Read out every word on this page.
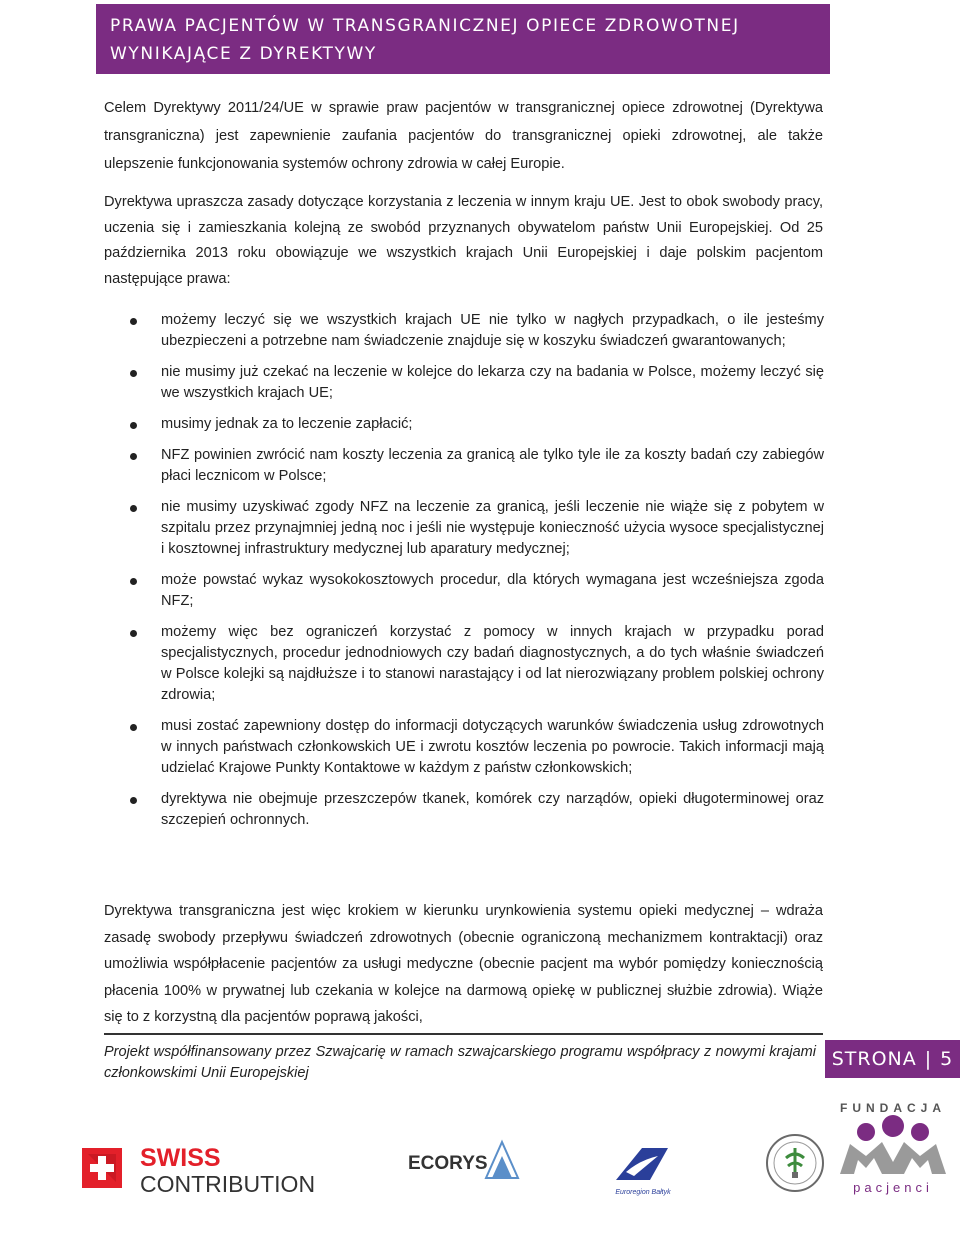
PRAWA PACJENTÓW W TRANSGRANICZNEJ OPIECE ZDROWOTNEJ
WYNIKAJĄCE Z DYREKTYWY

Celem Dyrektywy 2011/24/UE w sprawie praw pacjentów w transgranicznej opiece zdrowotnej (Dyrektywa transgraniczna) jest zapewnienie zaufania pacjentów do transgranicznej opieki zdrowotnej, ale także ulepszenie funkcjonowania systemów ochrony zdrowia w całej Europie.

Dyrektywa upraszcza zasady dotyczące korzystania z leczenia w innym kraju UE. Jest to obok swobody pracy, uczenia się i zamieszkania kolejną ze swobód przyznanych obywatelom państw Unii Europejskiej. Od 25 października 2013 roku obowiązuje we wszystkich krajach Unii Europejskiej i daje polskim pacjentom następujące prawa:

możemy leczyć się we wszystkich krajach UE nie tylko w nagłych przypadkach, o ile jesteśmy ubezpieczeni a potrzebne nam świadczenie znajduje się w koszyku świadczeń gwarantowanych;
nie musimy już czekać na leczenie w kolejce do lekarza czy na badania w Polsce, możemy leczyć się we wszystkich krajach UE;
musimy jednak za to leczenie zapłacić;
NFZ powinien zwrócić nam koszty leczenia za granicą ale tylko tyle ile za koszty badań czy zabiegów płaci lecznicom w Polsce;
nie musimy uzyskiwać zgody NFZ na leczenie za granicą, jeśli leczenie nie wiąże się z pobytem w szpitalu przez przynajmniej jedną noc i jeśli nie występuje konieczność użycia wysoce specjalistycznej i kosztownej infrastruktury medycznej lub aparatury medycznej;
może powstać wykaz wysokokosztowych procedur, dla których wymagana jest wcześniejsza zgoda NFZ;
możemy więc bez ograniczeń korzystać z pomocy w innych krajach w przypadku porad specjalistycznych, procedur jednodniowych czy badań diagnostycznych, a do tych właśnie świadczeń w Polsce kolejki są najdłuższe i to stanowi narastający i od lat nierozwiązany problem polskiej ochrony zdrowia;
musi zostać zapewniony dostęp do informacji dotyczących warunków świadczenia usług zdrowotnych w innych państwach członkowskich UE i zwrotu kosztów leczenia po powrocie. Takich informacji mają udzielać Krajowe Punkty Kontaktowe w każdym z państw członkowskich;
dyrektywa nie obejmuje przeszczepów tkanek, komórek czy narządów, opieki długoterminowej oraz szczepień ochronnych.

Dyrektywa transgraniczna jest więc krokiem w kierunku urynkowienia systemu opieki medycznej – wdraża zasadę swobody przepływu świadczeń zdrowotnych (obecnie ograniczoną mechanizmem kontraktacji) oraz umożliwia współpłacenie pacjentów za usługi medyczne (obecnie pacjent ma wybór pomiędzy koniecznością płacenia 100% w prywatnej lub czekania w kolejce na darmową opiekę w publicznej służbie zdrowia). Wiąże się to z korzystną dla pacjentów poprawą jakości,

Projekt współfinansowany przez Szwajcarię w ramach szwajcarskiego programu współpracy z nowymi krajami członkowskimi Unii Europejskiej
STRONA | 5
SWISS
CONTRIBUTION
ECORYS
Euroregion Bałtyk
FUNDACJA
pacjenci
